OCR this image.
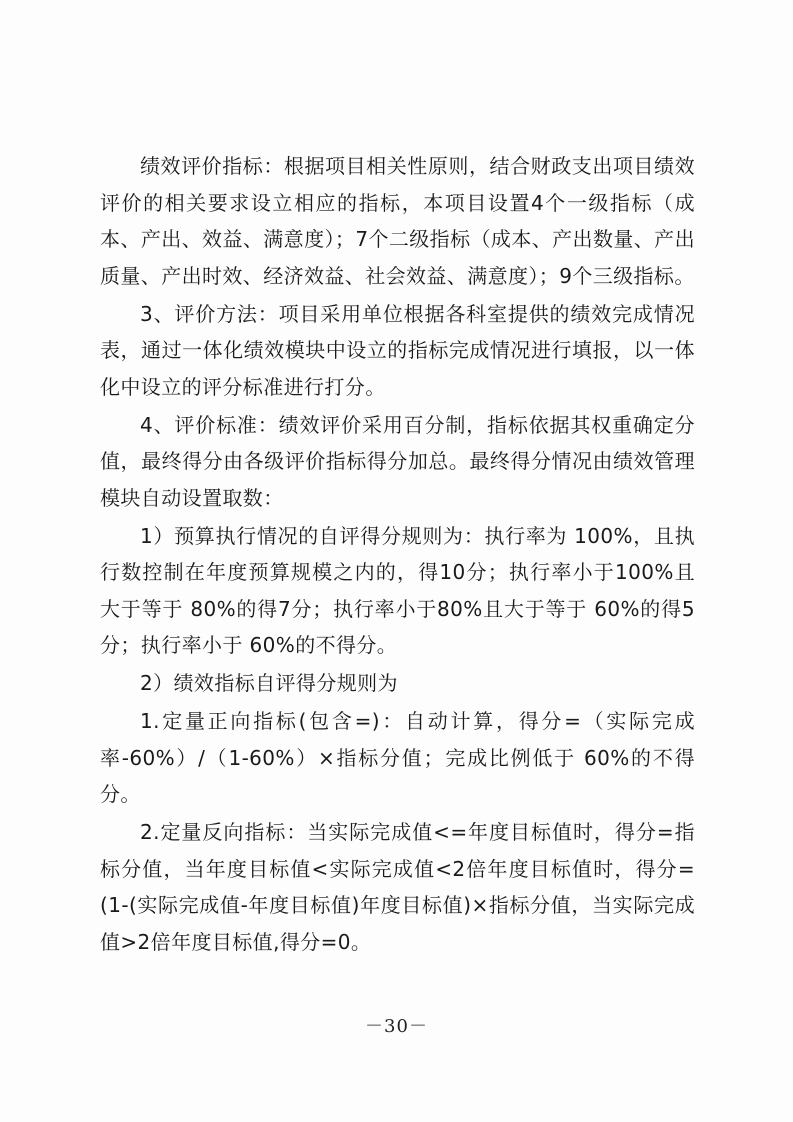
绩效评价指标：根据项目相关性原则，结合财政支出项目绩效评价的相关要求设立相应的指标，本项目设置4个一级指标（成本、产出、效益、满意度）；7个二级指标（成本、产出数量、产出质量、产出时效、经济效益、社会效益、满意度）；9个三级指标。

3、评价方法：项目采用单位根据各科室提供的绩效完成情况表，通过一体化绩效模块中设立的指标完成情况进行填报，以一体化中设立的评分标准进行打分。

4、评价标准：绩效评价采用百分制，指标依据其权重确定分值，最终得分由各级评价指标得分加总。最终得分情况由绩效管理模块自动设置取数：

1）预算执行情况的自评得分规则为：执行率为 100%，且执行数控制在年度预算规模之内的，得10分；执行率小于100%且大于等于 80%的得7分；执行率小于80%且大于等于 60%的得5分；执行率小于 60%的不得分。

2）绩效指标自评得分规则为

1.定量正向指标(包含=)：自动计算，得分=（实际完成率-60%）/（1-60%）×指标分值；完成比例低于 60%的不得分。

2.定量反向指标：当实际完成值<=年度目标值时，得分=指标分值，当年度目标值<实际完成值<2倍年度目标值时，得分=(1-(实际完成值-年度目标值)年度目标值)×指标分值，当实际完成值>2倍年度目标值,得分=0。

－30－
